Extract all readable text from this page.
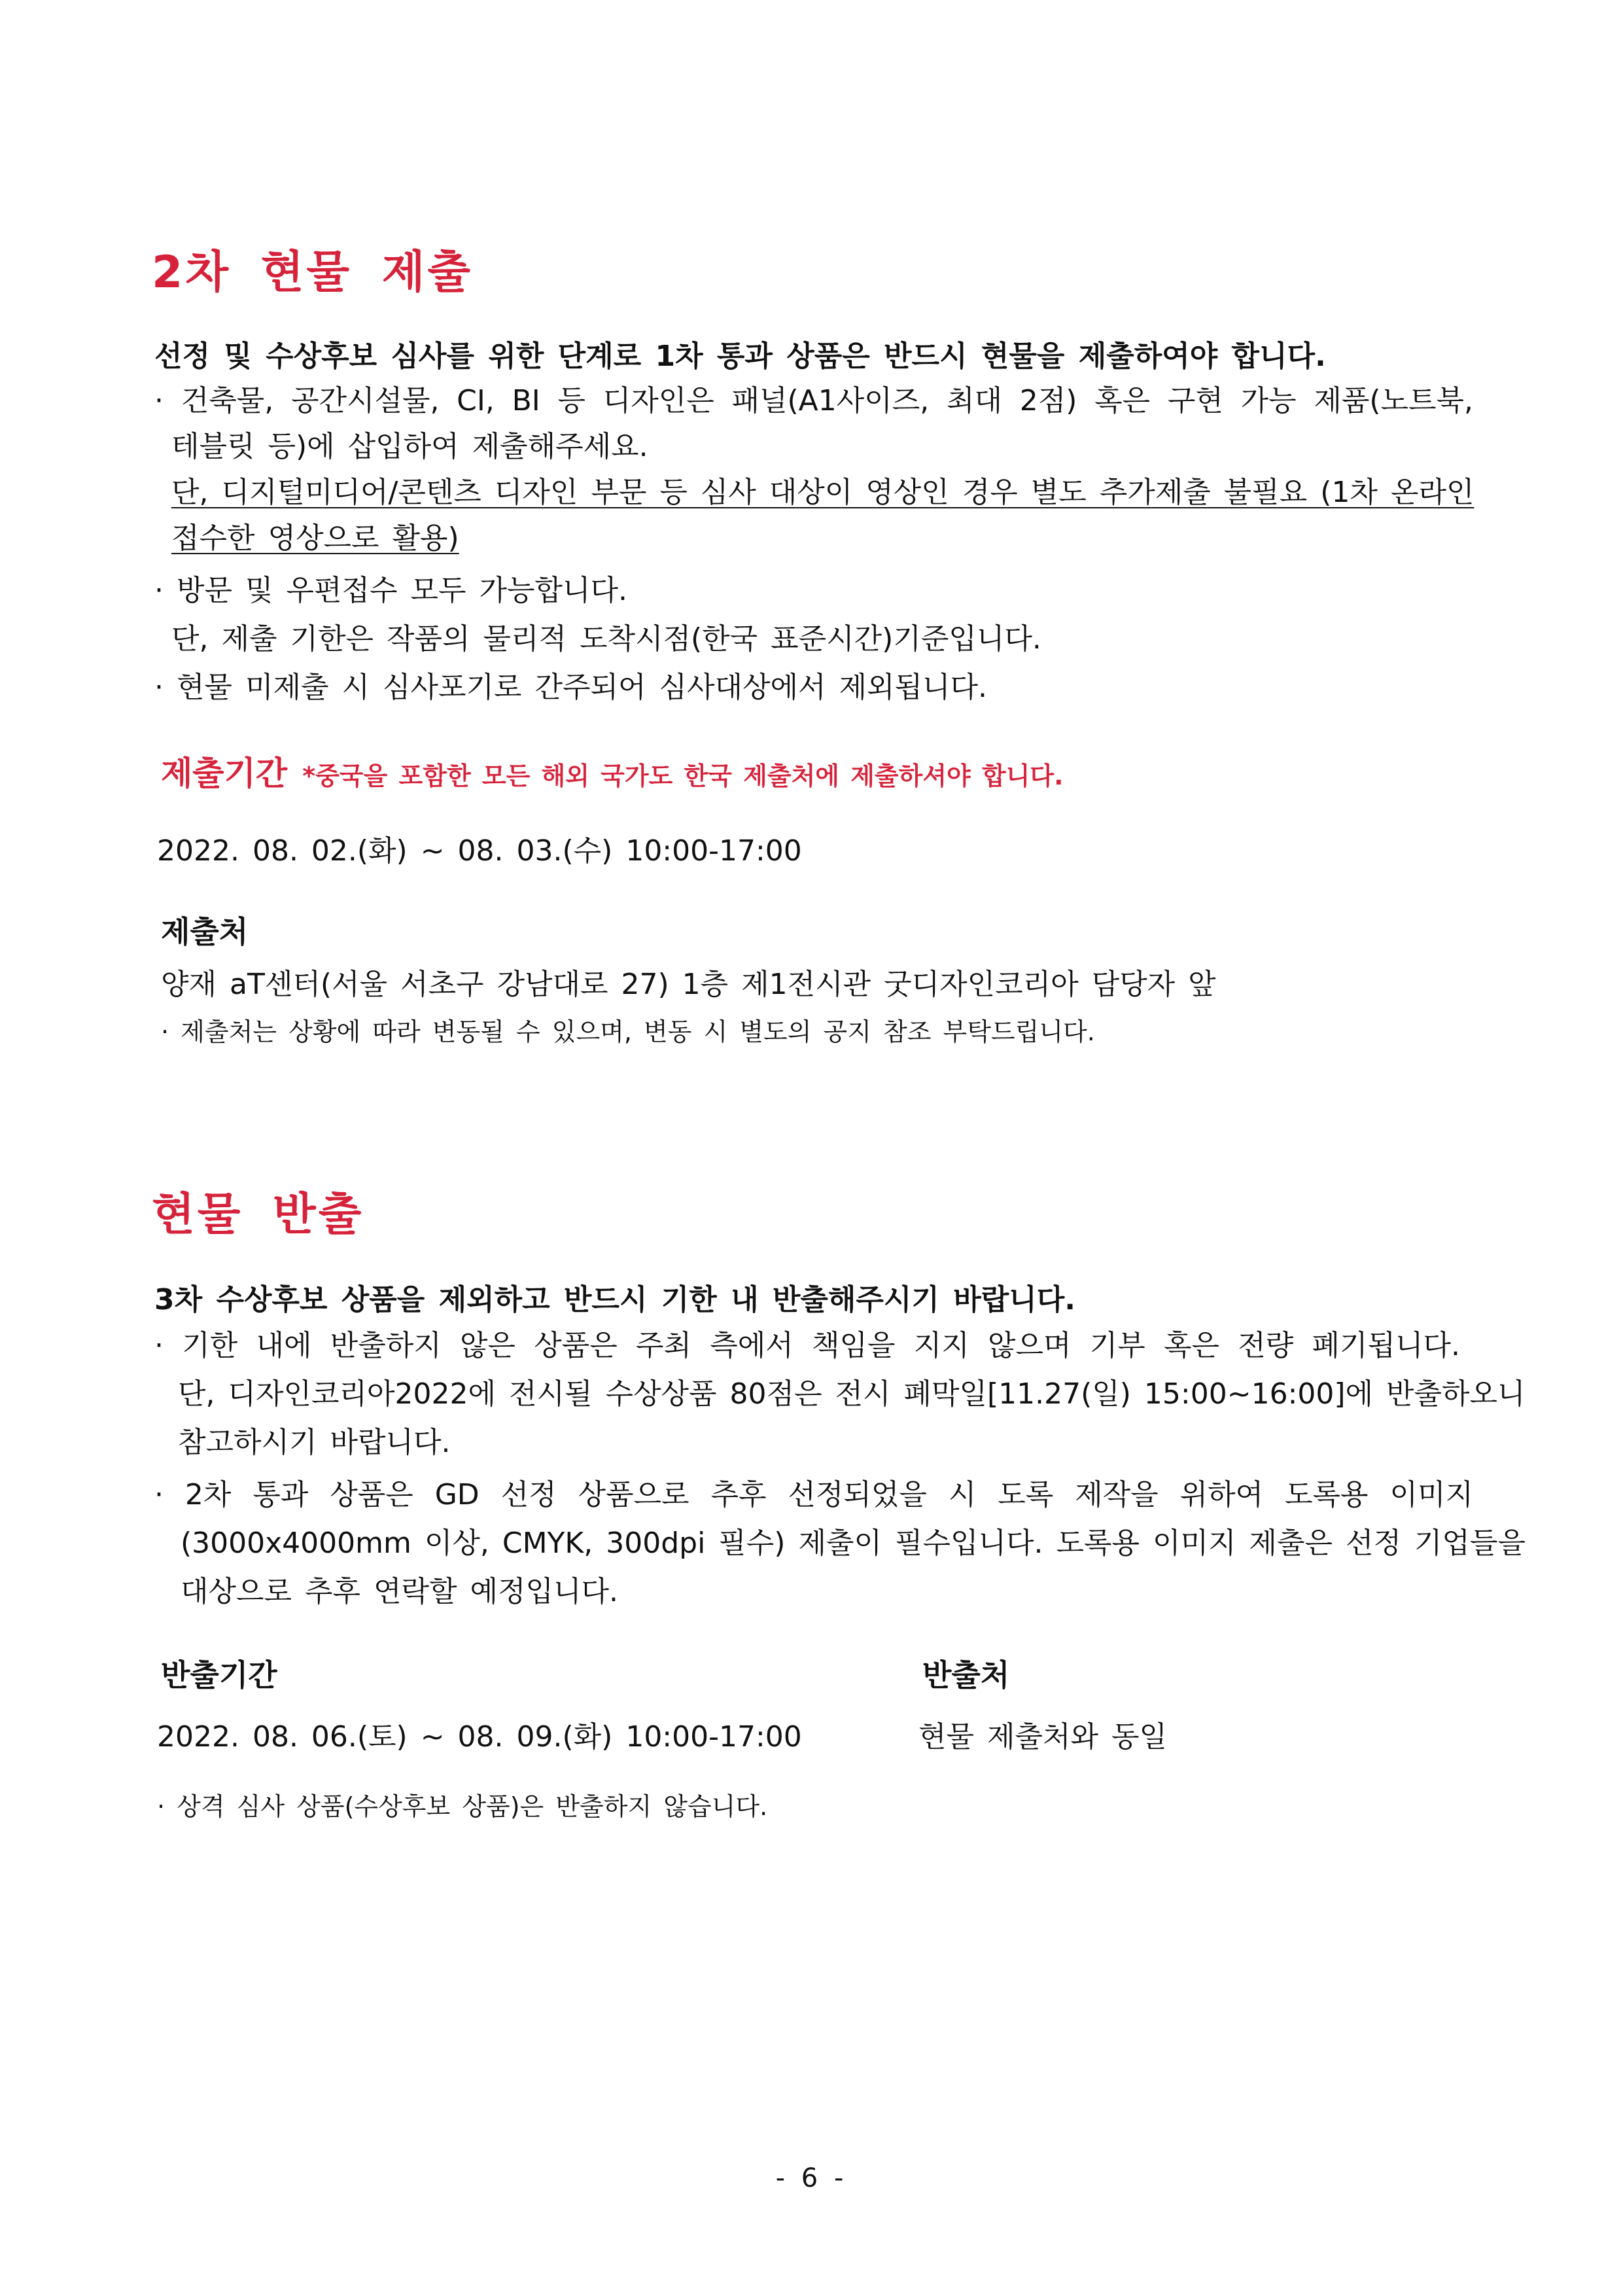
2차 현물 제출
선정 및 수상후보 심사를 위한 단계로 1차 통과 상품은 반드시 현물을 제출하여야 합니다.
· 건축물, 공간시설물, CI, BI 등 디자인은 패널(A1사이즈, 최대 2점) 혹은 구현 가능 제품(노트북,
테블릿 등)에 삽입하여 제출해주세요.
단, 디지털미디어/콘텐츠 디자인 부문 등 심사 대상이 영상인 경우 별도 추가제출 불필요 (1차 온라인
접수한 영상으로 활용)
· 방문 및 우편접수 모두 가능합니다.
단, 제출 기한은 작품의 물리적 도착시점(한국 표준시간)기준입니다.
· 현물 미제출 시 심사포기로 간주되어 심사대상에서 제외됩니다.
제출기간 *중국을 포함한 모든 해외 국가도 한국 제출처에 제출하셔야 합니다.
2022. 08. 02.(화) ~ 08. 03.(수) 10:00-17:00
제출처
양재 aT센터(서울 서초구 강남대로 27) 1층 제1전시관 굿디자인코리아 담당자 앞
· 제출처는 상황에 따라 변동될 수 있으며, 변동 시 별도의 공지 참조 부탁드립니다.
현물 반출
3차 수상후보 상품을 제외하고 반드시 기한 내 반출해주시기 바랍니다.
· 기한 내에 반출하지 않은 상품은 주최 측에서 책임을 지지 않으며 기부 혹은 전량 폐기됩니다.
단, 디자인코리아2022에 전시될 수상상품 80점은 전시 폐막일[11.27(일) 15:00~16:00]에 반출하오니
참고하시기 바랍니다.
· 2차 통과 상품은 GD 선정 상품으로 추후 선정되었을 시 도록 제작을 위하여 도록용 이미지
(3000x4000mm 이상, CMYK, 300dpi 필수) 제출이 필수입니다. 도록용 이미지 제출은 선정 기업들을
대상으로 추후 연락할 예정입니다.
반출기간	반출처
2022. 08. 06.(토) ~ 08. 09.(화) 10:00-17:00	현물 제출처와 동일
· 상격 심사 상품(수상후보 상품)은 반출하지 않습니다.
- 6 -
